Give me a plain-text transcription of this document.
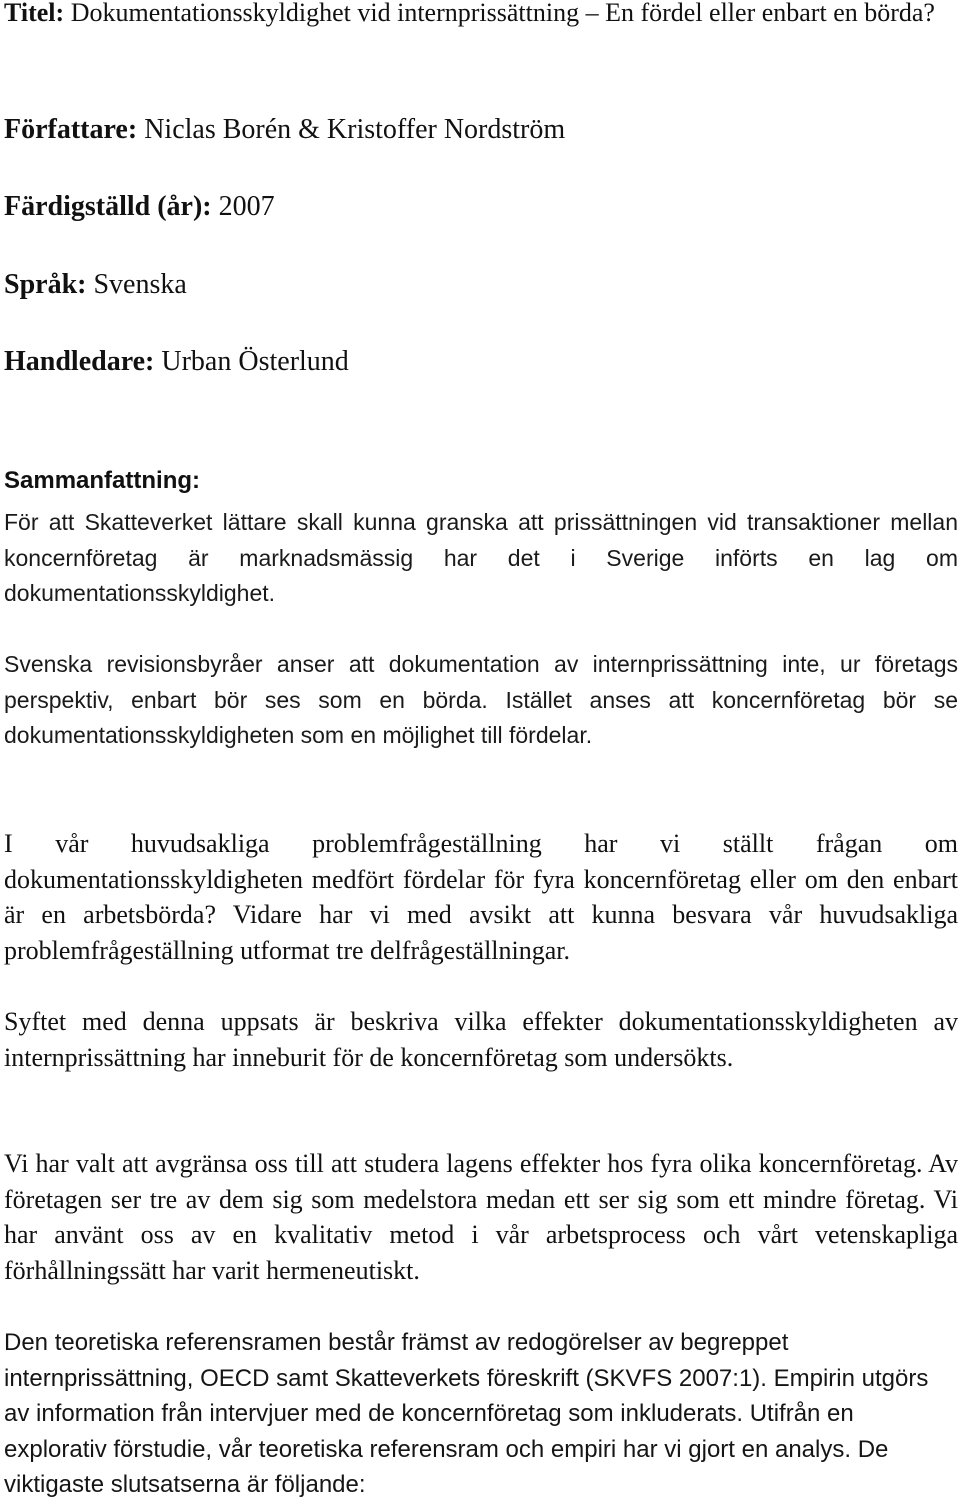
Titel: Dokumentationsskyldighet vid internprissättning – En fördel eller enbart en börda?
Författare: Niclas Borén & Kristoffer Nordström
Färdigställd (år): 2007
Språk: Svenska
Handledare: Urban Österlund
Sammanfattning:
För att Skatteverket lättare skall kunna granska att prissättningen vid transaktioner mellan koncernföretag är marknadsmässig har det i Sverige införts en lag om dokumentationsskyldighet.
Svenska revisionsbyråer anser att dokumentation av internprissättning inte, ur företags perspektiv, enbart bör ses som en börda. Istället anses att koncernföretag bör se dokumentationsskyldigheten som en möjlighet till fördelar.
I vår huvudsakliga problemfrågeställning har vi ställt frågan om dokumentationsskyldigheten medfört fördelar för fyra koncernföretag eller om den enbart är en arbetsbörda? Vidare har vi med avsikt att kunna besvara vår huvudsakliga problemfrågeställning utformat tre delfrågeställningar.
Syftet med denna uppsats är beskriva vilka effekter dokumentationsskyldigheten av internprissättning har inneburit för de koncernföretag som undersökts.
Vi har valt att avgränsa oss till att studera lagens effekter hos fyra olika koncernföretag. Av företagen ser tre av dem sig som medelstora medan ett ser sig som ett mindre företag. Vi har använt oss av en kvalitativ metod i vår arbetsprocess och vårt vetenskapliga förhållningssätt har varit hermeneutiskt.
Den teoretiska referensramen består främst av redogörelser av begreppet internprissättning, OECD samt Skatteverkets föreskrift (SKVFS 2007:1). Empirin utgörs av information från intervjuer med de koncernföretag som inkluderats. Utifrån en explorativ förstudie, vår teoretiska referensram och empiri har vi gjort en analys. De viktigaste slutsatserna är följande:
